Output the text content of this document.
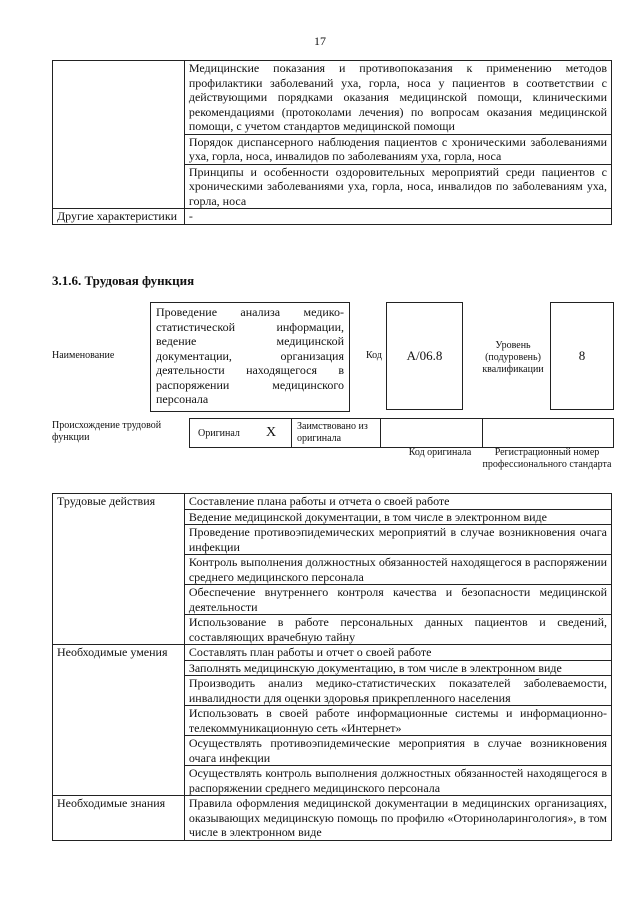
17
	Медицинские показания и противопоказания к применению методов профилактики заболеваний уха, горла, носа у пациентов в соответствии с действующими порядками оказания медицинской помощи, клиническими рекомендациями (протоколами лечения) по вопросам оказания медицинской помощи, с учетом стандартов медицинской помощи
	Порядок диспансерного наблюдения пациентов с хроническими заболеваниями уха, горла, носа, инвалидов по заболеваниям уха, горла, носа
	Принципы и особенности оздоровительных мероприятий среди пациентов с хроническими заболеваниями уха, горла, носа, инвалидов по заболеваниям уха, горла, носа
Другие характеристики	-
3.1.6. Трудовая функция
Наименование
Проведение анализа медико-статистической информации, ведение медицинской документации, организация деятельности находящегося в распоряжении медицинского персонала
Код	A/06.8
Уровень (подуровень) квалификации
8
Происхождение трудовой функции	Оригинал X Заимствовано из оригинала
Код оригинала	Регистрационный номер профессионального стандарта
Трудовые действия	Составление плана работы и отчета о своей работе
	Ведение медицинской документации, в том числе в электронном виде
	Проведение противоэпидемических мероприятий в случае возникновения очага инфекции
	Контроль выполнения должностных обязанностей находящегося в распоряжении среднего медицинского персонала
	Обеспечение внутреннего контроля качества и безопасности медицинской деятельности
	Использование в работе персональных данных пациентов и сведений, составляющих врачебную тайну
Необходимые умения	Составлять план работы и отчет о своей работе
	Заполнять медицинскую документацию, в том числе в электронном виде
	Производить анализ медико-статистических показателей заболеваемости, инвалидности для оценки здоровья прикрепленного населения
	Использовать в своей работе информационные системы и информационно-телекоммуникационную сеть «Интернет»
	Осуществлять противоэпидемические мероприятия в случае возникновения очага инфекции
	Осуществлять контроль выполнения должностных обязанностей находящегося в распоряжении среднего медицинского персонала
Необходимые знания	Правила оформления медицинской документации в медицинских организациях, оказывающих медицинскую помощь по профилю «Оториноларингология», в том числе в электронном виде
